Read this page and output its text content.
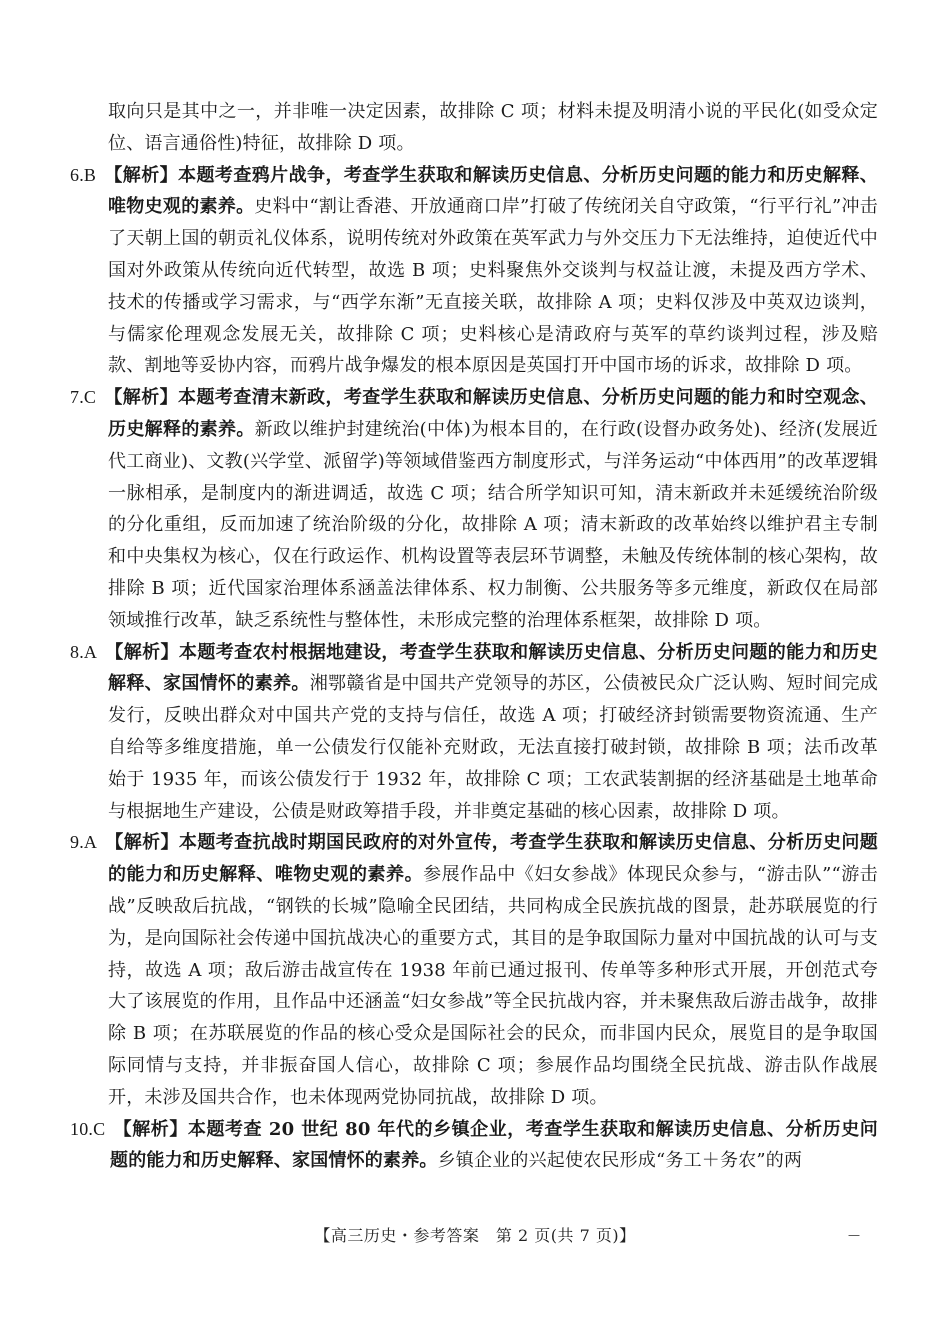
取向只是其中之一，并非唯一决定因素，故排除 C 项；材料未提及明清小说的平民化(如受众定位、语言通俗性)特征，故排除 D 项。

6.B 【解析】本题考查鸦片战争，考查学生获取和解读历史信息、分析历史问题的能力和历史解释、唯物史观的素养。史料中“割让香港、开放通商口岸”打破了传统闭关自守政策，“行平行礼”冲击了天朝上国的朝贡礼仪体系，说明传统对外政策在英军武力与外交压力下无法维持，迫使近代中国对外政策从传统向近代转型，故选 B 项；史料聚焦外交谈判与权益让渡，未提及西方学术、技术的传播或学习需求，与“西学东渐”无直接关联，故排除 A 项；史料仅涉及中英双边谈判，与儒家伦理观念发展无关，故排除 C 项；史料核心是清政府与英军的草约谈判过程，涉及赔款、割地等妥协内容，而鸦片战争爆发的根本原因是英国打开中国市场的诉求，故排除 D 项。

7.C 【解析】本题考查清末新政，考查学生获取和解读历史信息、分析历史问题的能力和时空观念、历史解释的素养。新政以维护封建统治(中体)为根本目的，在行政(设督办政务处)、经济(发展近代工商业)、文教(兴学堂、派留学)等领域借鉴西方制度形式，与洋务运动“中体西用”的改革逻辑一脉相承，是制度内的渐进调适，故选 C 项；结合所学知识可知，清末新政并未延缓统治阶级的分化重组，反而加速了统治阶级的分化，故排除 A 项；清末新政的改革始终以维护君主专制和中央集权为核心，仅在行政运作、机构设置等表层环节调整，未触及传统体制的核心架构，故排除 B 项；近代国家治理体系涵盖法律体系、权力制衡、公共服务等多元维度，新政仅在局部领域推行改革，缺乏系统性与整体性，未形成完整的治理体系框架，故排除 D 项。

8.A 【解析】本题考查农村根据地建设，考查学生获取和解读历史信息、分析历史问题的能力和历史解释、家国情怀的素养。湘鄂赣省是中国共产党领导的苏区，公债被民众广泛认购、短时间完成发行，反映出群众对中国共产党的支持与信任，故选 A 项；打破经济封锁需要物资流通、生产自给等多维度措施，单一公债发行仅能补充财政，无法直接打破封锁，故排除 B 项；法币改革始于 1935 年，而该公债发行于 1932 年，故排除 C 项；工农武装割据的经济基础是土地革命与根据地生产建设，公债是财政筹措手段，并非奠定基础的核心因素，故排除 D 项。

9.A 【解析】本题考查抗战时期国民政府的对外宣传，考查学生获取和解读历史信息、分析历史问题的能力和历史解释、唯物史观的素养。参展作品中《妇女参战》体现民众参与，“游击队”“游击战”反映敌后抗战，“钢铁的长城”隐喻全民团结，共同构成全民族抗战的图景，赴苏联展览的行为，是向国际社会传递中国抗战决心的重要方式，其目的是争取国际力量对中国抗战的认可与支持，故选 A 项；敌后游击战宣传在 1938 年前已通过报刊、传单等多种形式开展，开创范式夸大了该展览的作用，且作品中还涵盖“妇女参战”等全民抗战内容，并未聚焦敌后游击战争，故排除 B 项；在苏联展览的作品的核心受众是国际社会的民众，而非国内民众，展览目的是争取国际同情与支持，并非振奋国人信心，故排除 C 项；参展作品均围绕全民抗战、游击队作战展开，未涉及国共合作，也未体现两党协同抗战，故排除 D 项。

10.C 【解析】本题考查 20 世纪 80 年代的乡镇企业，考查学生获取和解读历史信息、分析历史问题的能力和历史解释、家国情怀的素养。乡镇企业的兴起使农民形成“务工＋务农”的两

【高三历史・参考答案　第 2 页(共 7 页)】	—
